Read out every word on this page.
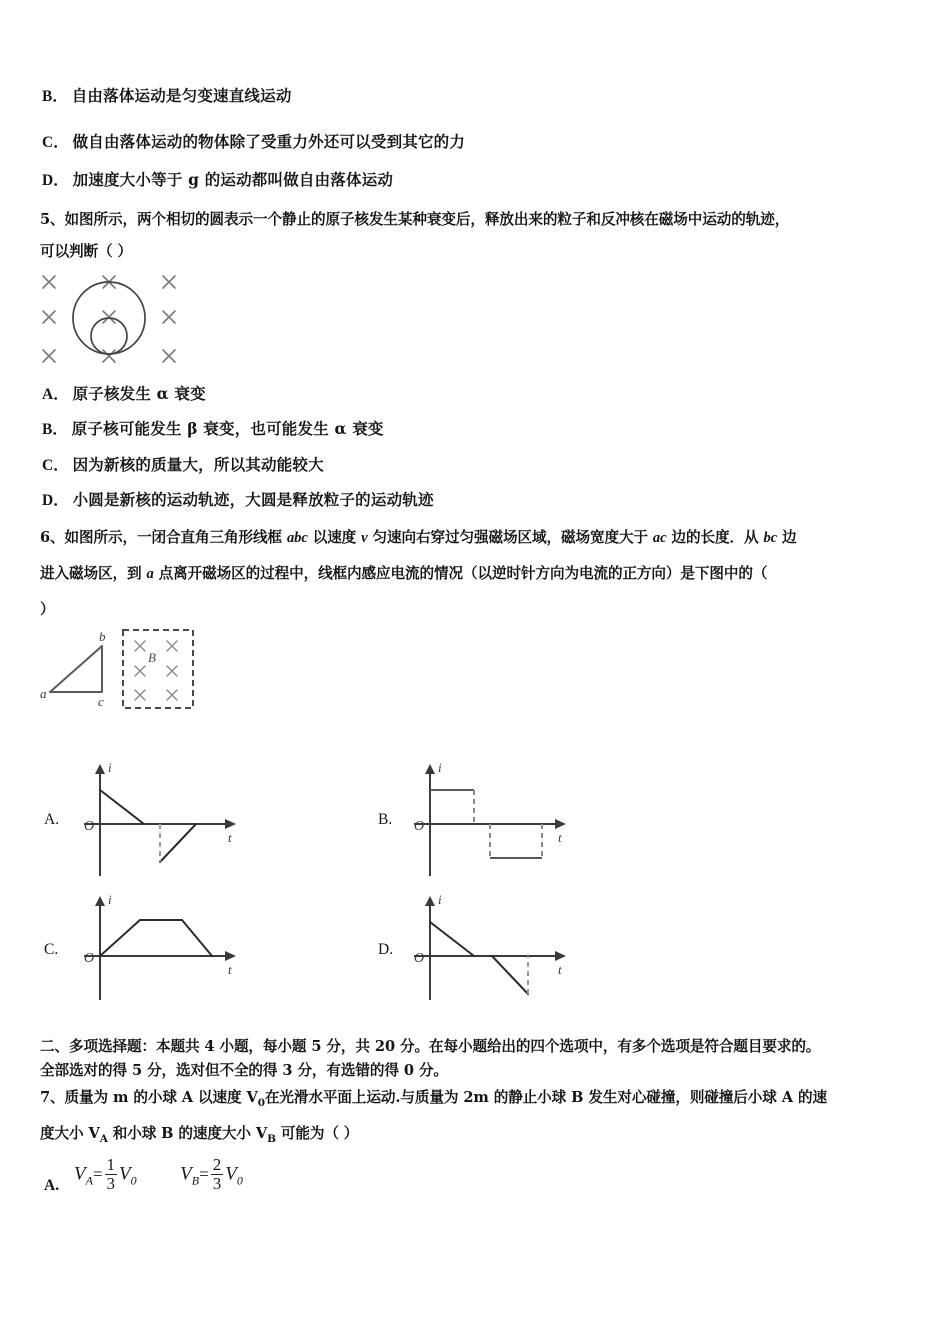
B． 自由落体运动是匀变速直线运动
C． 做自由落体运动的物体除了受重力外还可以受到其它的力
D． 加速度大小等于 g 的运动都叫做自由落体运动
5、如图所示，两个相切的圆表示一个静止的原子核发生某种衰变后，释放出来的粒子和反冲核在磁场中运动的轨迹，
可以判断（ ）
A． 原子核发生 α 衰变
B． 原子核可能发生 β 衰变，也可能发生 α 衰变
C． 因为新核的质量大，所以其动能较大
D． 小圆是新核的运动轨迹，大圆是释放粒子的运动轨迹
6、如图所示，一闭合直角三角形线框 abc 以速度 v 匀速向右穿过匀强磁场区域，磁场宽度大于 ac 边的长度．从 bc 边
进入磁场区，到 a 点离开磁场区的过程中，线框内感应电流的情况（以逆时针方向为电流的正方向）是下图中的（
）
a
b
c
B
A. O
i
t
B. O
i
t
C.
O
i
t
D.
O
i
t
二、多项选择题：本题共 4 小题，每小题 5 分，共 20 分。在每小题给出的四个选项中，有多个选项是符合题目要求的。
全部选对的得 5 分，选对但不全的得 3 分，有选错的得 0 分。
7、质量为 m 的小球 A 以速度 $V_0$在光滑水平面上运动.与质量为 2m 的静止小球 B 发生对心碰撞，则碰撞后小球 A 的速
度大小 $V_A$ 和小球 B 的速度大小 $V_B$ 可能为（ ）
A.
$V_A= \frac{1}{3} V_0$ $V_B= \frac{2}{3} V_0$
